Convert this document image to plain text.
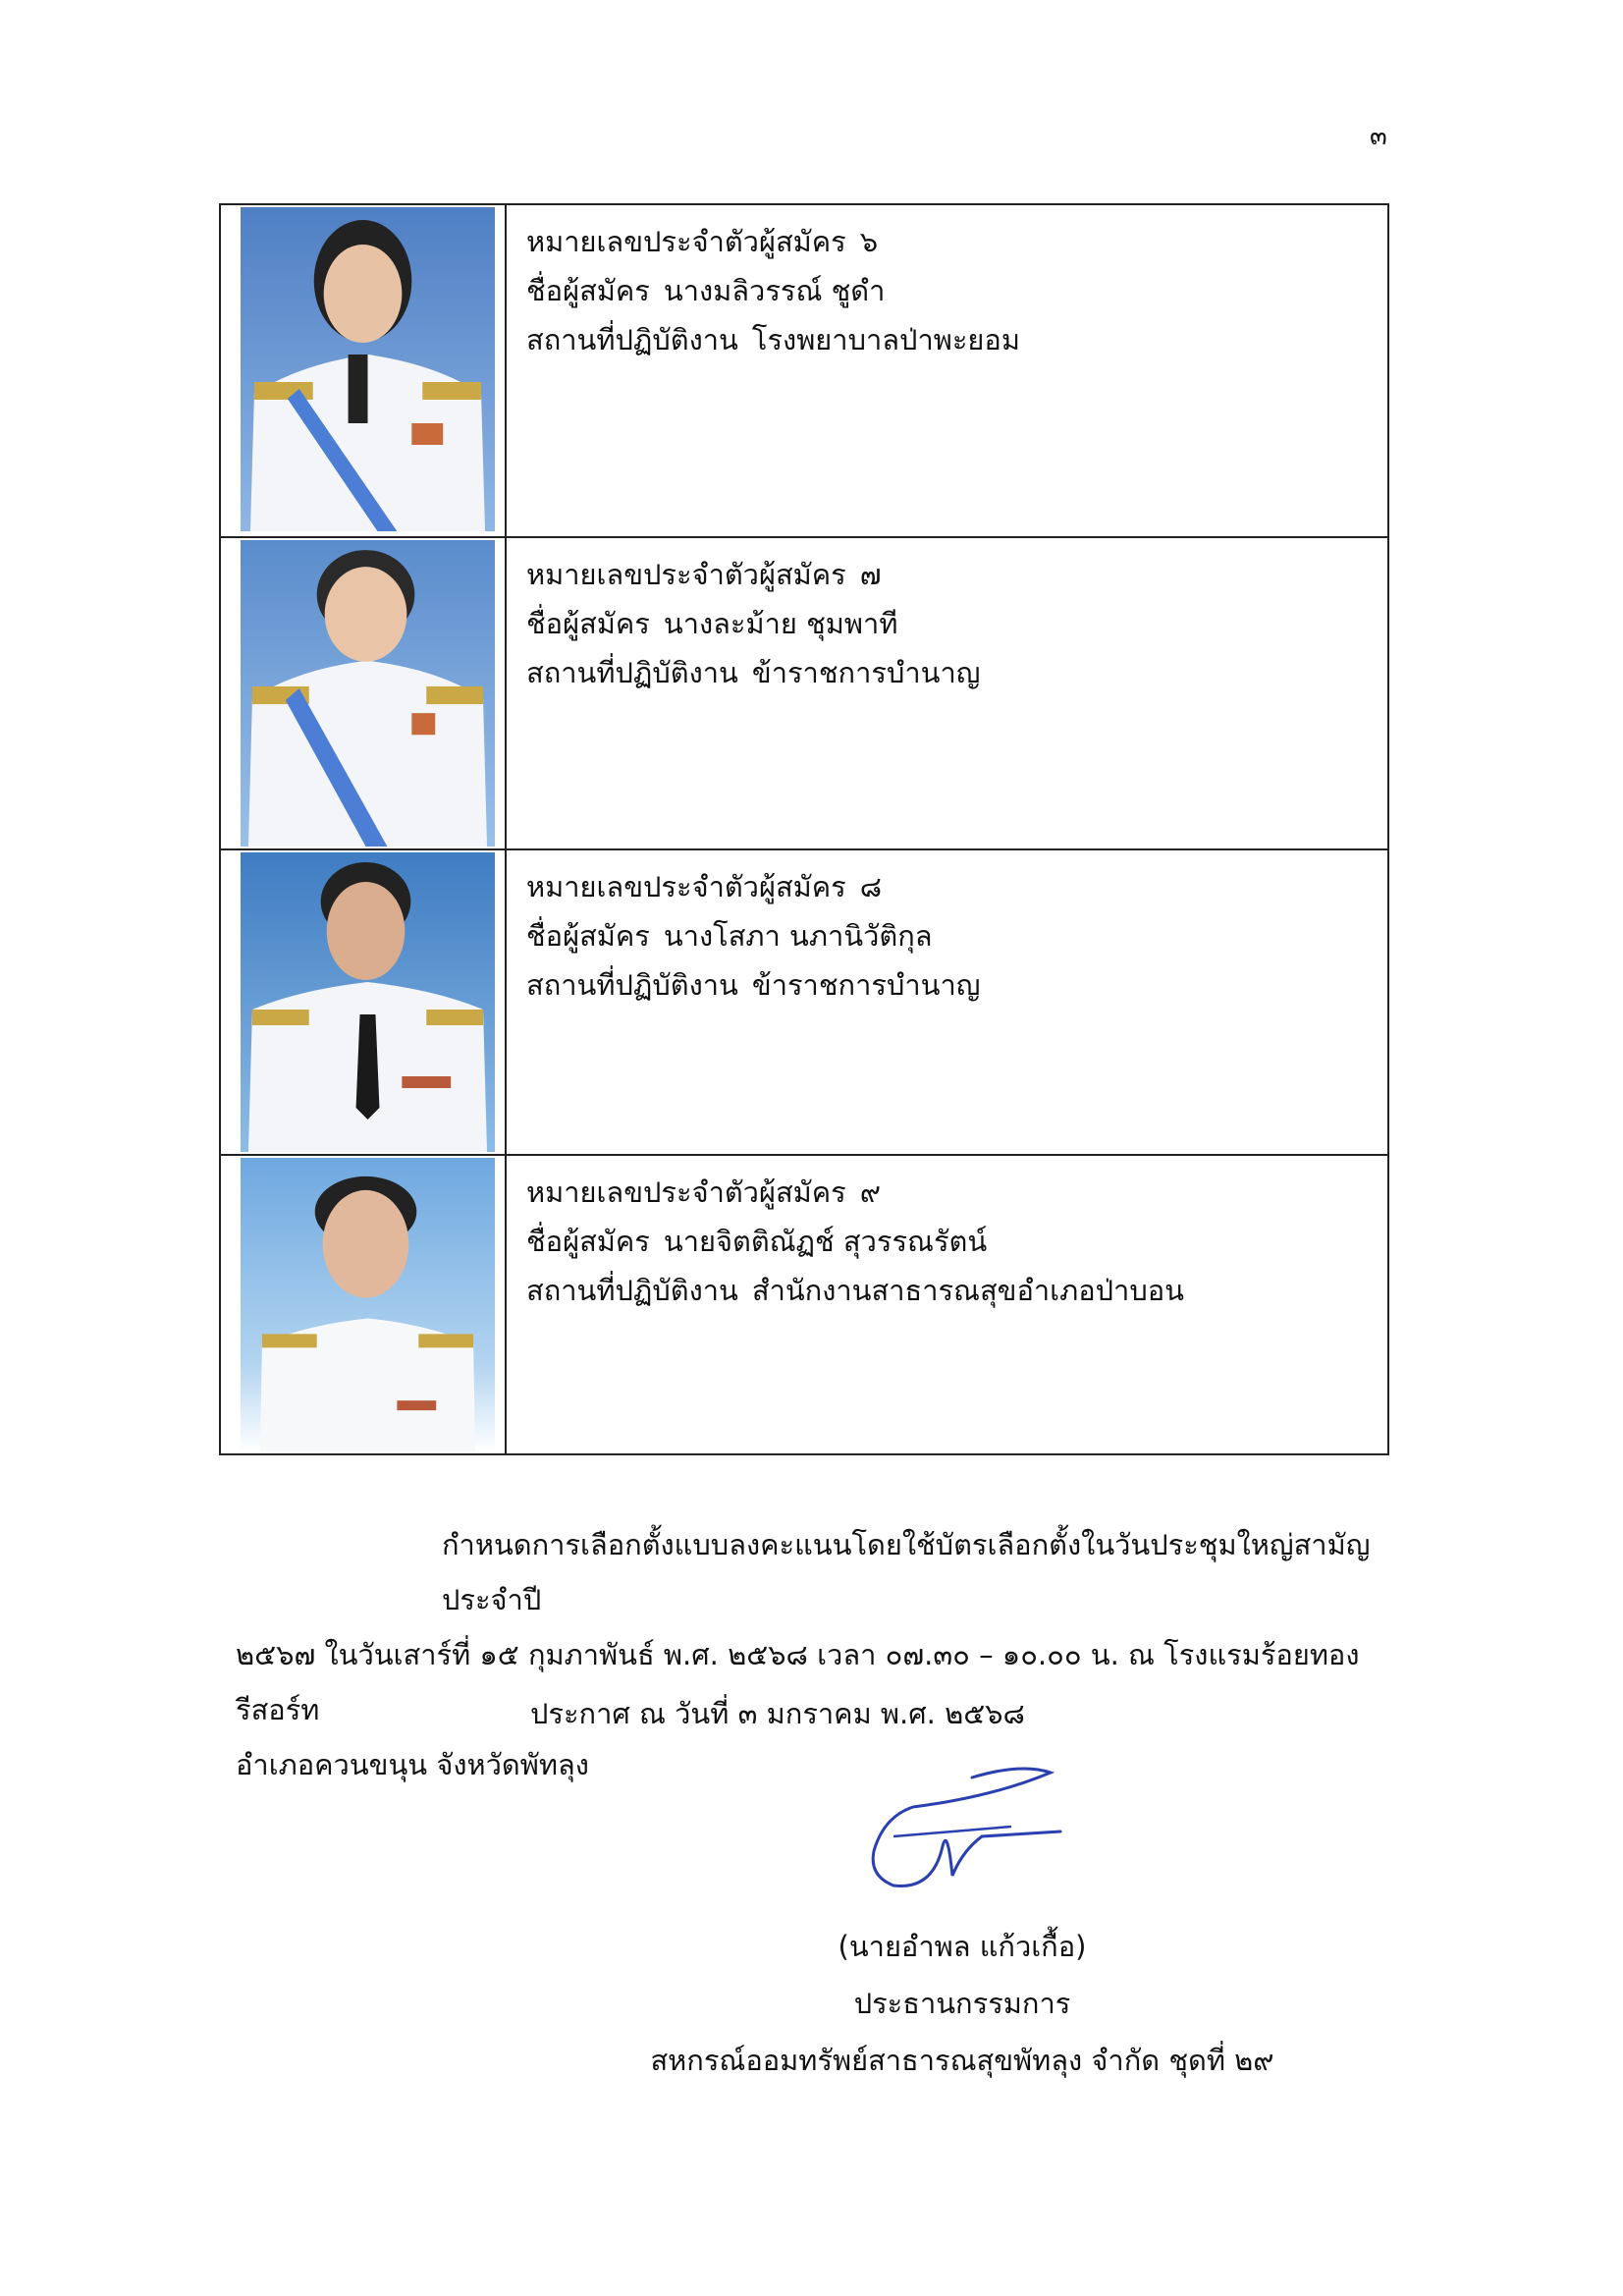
๓
หมายเลขประจำตัวผู้สมัคร ๖
ชื่อผู้สมัคร นางมลิวรรณ์ ชูดำ
สถานที่ปฏิบัติงาน โรงพยาบาลป่าพะยอม
หมายเลขประจำตัวผู้สมัคร ๗
ชื่อผู้สมัคร นางละม้าย ชุมพาที
สถานที่ปฏิบัติงาน ข้าราชการบำนาญ
หมายเลขประจำตัวผู้สมัคร ๘
ชื่อผู้สมัคร นางโสภา นภานิวัติกุล
สถานที่ปฏิบัติงาน ข้าราชการบำนาญ
หมายเลขประจำตัวผู้สมัคร ๙
ชื่อผู้สมัคร นายจิตติณัฏช์ สุวรรณรัตน์
สถานที่ปฏิบัติงาน สำนักงานสาธารณสุขอำเภอป่าบอน

กำหนดการเลือกตั้งแบบลงคะแนนโดยใช้บัตรเลือกตั้งในวันประชุมใหญ่สามัญประจำปี

๒๕๖๗ ในวันเสาร์ที่ ๑๕ กุมภาพันธ์ พ.ศ. ๒๕๖๘ เวลา ๐๗.๓๐ – ๑๐.๐๐ น. ณ โรงแรมร้อยทองรีสอร์ท

อำเภอควนขนุน จังหวัดพัทลุง

ประกาศ ณ วันที่ ๓ มกราคม พ.ศ. ๒๕๖๘
(นายอำพล แก้วเกื้อ)
ประธานกรรมการ
สหกรณ์ออมทรัพย์สาธารณสุขพัทลุง จำกัด ชุดที่ ๒๙
